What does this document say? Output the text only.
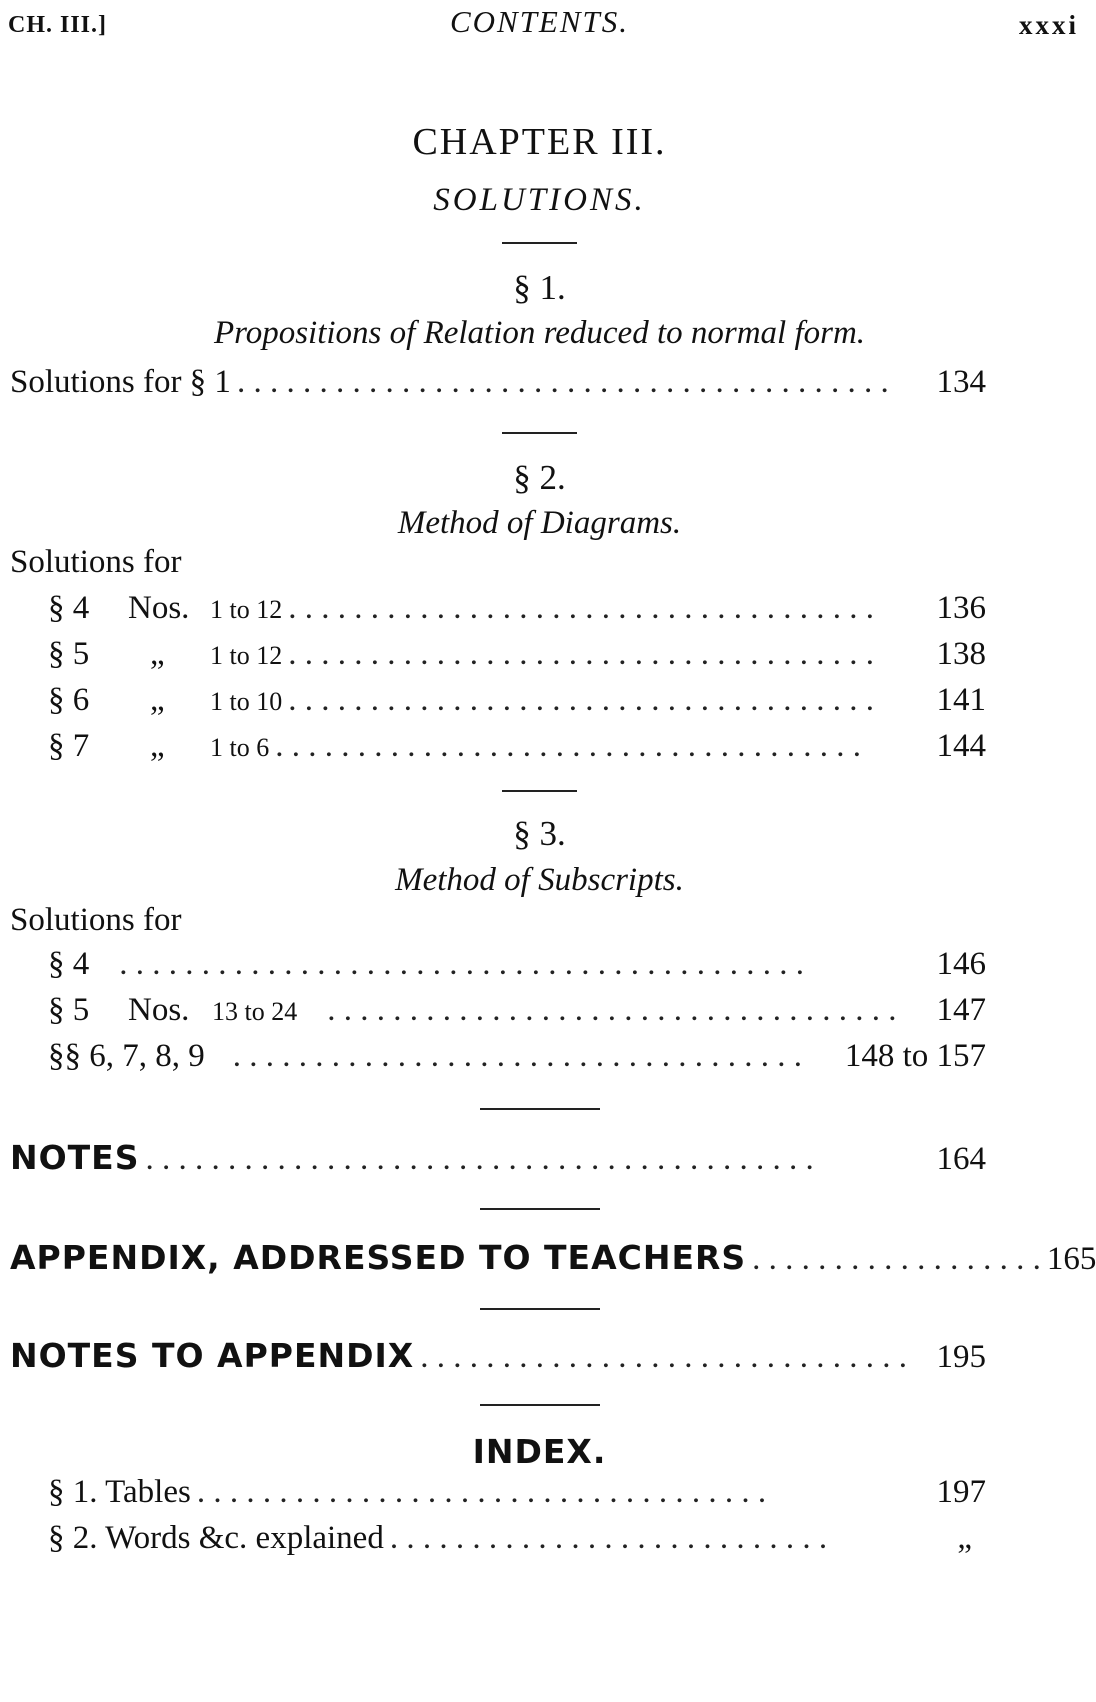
CH. III.]	CONTENTS.	xxxi
CHAPTER III.
SOLUTIONS.
§ 1.
Propositions of Relation reduced to normal form.
Solutions for § 1 . . . . . . . . . . . . . . . . . . . . . . . . . . . . . . . . . . . . . . . .	134
§ 2.
Method of Diagrams.
Solutions for
§ 4	Nos. 1 to 12 . . . . . . . . . . . . . . . . . . . . . . . . . . . . . . . . . . . .	136
§ 5	„	1 to 12 . . . . . . . . . . . . . . . . . . . . . . . . . . . . . . . . . . . .	138
§ 6	„	1 to 10 . . . . . . . . . . . . . . . . . . . . . . . . . . . . . . . . . . . .	141
§ 7	„	1 to 6 . . . . . . . . . . . . . . . . . . . . . . . . . . . . . . . . . . . .	144
§ 3.
Method of Subscripts.
Solutions for
§ 4 . . . . . . . . . . . . . . . . . . . . . . . . . . . . . . . . . . . . . . . . . .	146
§ 5	Nos. 13 to 24 . . . . . . . . . . . . . . . . . . . . . . . . . . . . . . . . . . .	147
§§ 6, 7, 8, 9 . . . . . . . . . . . . . . . . . . . . . . . . . . . . . . . . . . .	148 to 157
NOTES . . . . . . . . . . . . . . . . . . . . . . . . . . . . . . . . . . . . . . . . .	164
APPENDIX, ADDRESSED TO TEACHERS . . . . . . . . . . . . . . . . . . 165
NOTES TO APPENDIX . . . . . . . . . . . . . . . . . . . . . . . . . . . . . . 195
INDEX.
§ 1. Tables . . . . . . . . . . . . . . . . . . . . . . . . . . . . . . . . . . .	197
§ 2. Words &c. explained . . . . . . . . . . . . . . . . . . . . . . . . . . .	„
